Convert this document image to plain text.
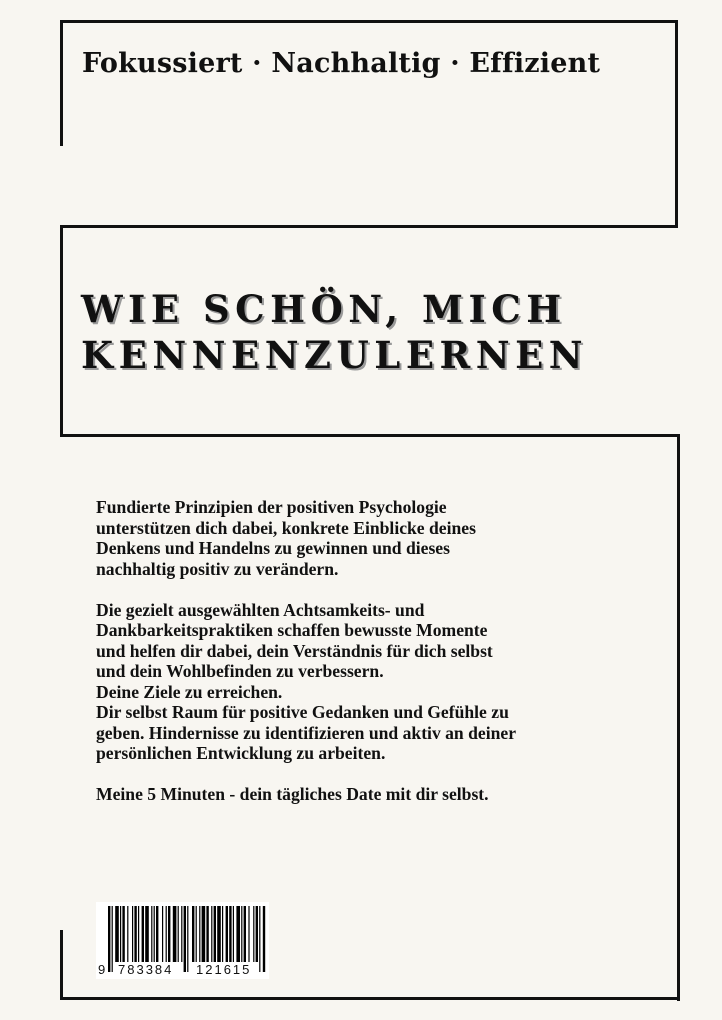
Fokussiert · Nachhaltig · Effizient
WIE SCHÖN, MICH
KENNENZULERNEN

Fundierte Prinzipien der positiven Psychologie
unterstützen dich dabei, konkrete Einblicke deines
Denkens und Handelns zu gewinnen und dieses
nachhaltig positiv zu verändern.

Die gezielt ausgewählten Achtsamkeits- und
Dankbarkeitspraktiken schaffen bewusste Momente
und helfen dir dabei, dein Verständnis für dich selbst
und dein Wohlbefinden zu verbessern.
Deine Ziele zu erreichen.
Dir selbst Raum für positive Gedanken und Gefühle zu
geben. Hindernisse zu identifizieren und aktiv an deiner
persönlichen Entwicklung zu arbeiten.

Meine 5 Minuten - dein tägliches Date mit dir selbst.

9 783384 121615
